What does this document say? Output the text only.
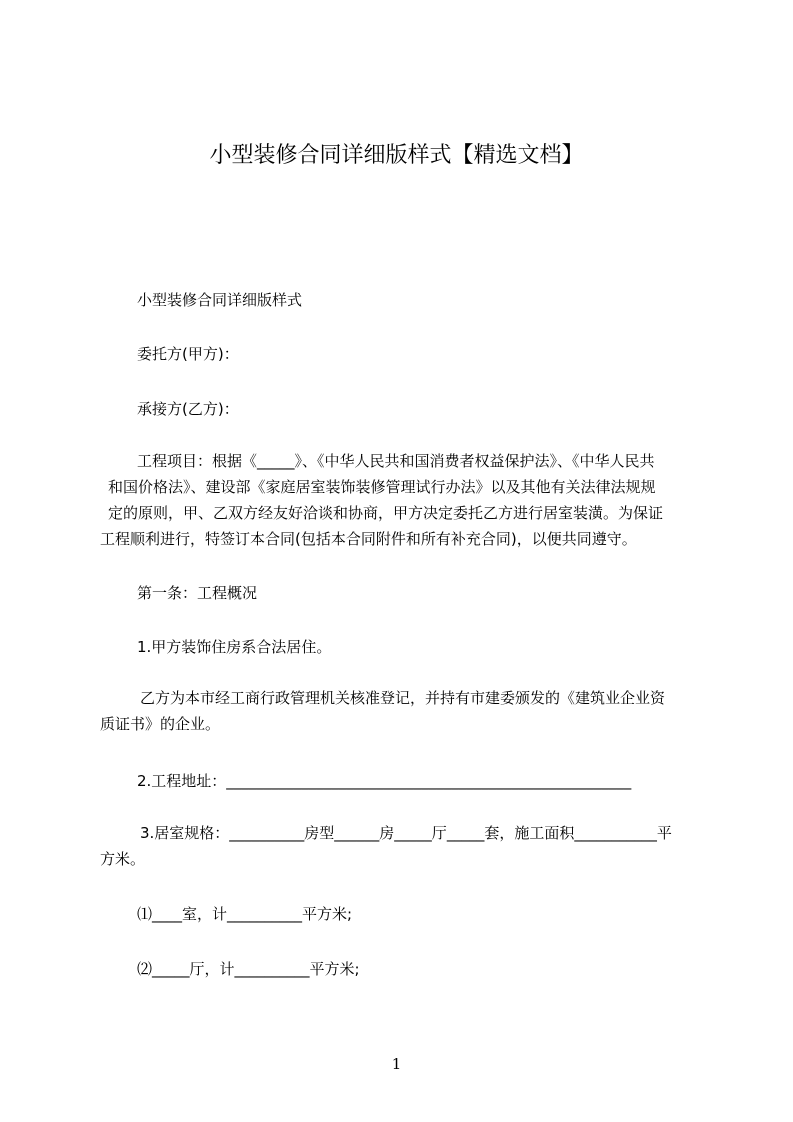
小型装修合同详细版样式【精选文档】

小型装修合同详细版样式

委托方(甲方)：

承接方(乙方)：

工程项目：根据《_____》、《中华人民共和国消费者权益保护法》、《中华人民共
和国价格法》、建设部《家庭居室装饰装修管理试行办法》以及其他有关法律法规规
定的原则，甲、乙双方经友好洽谈和协商，甲方决定委托乙方进行居室装潢。为保证
工程顺利进行，特签订本合同(包括本合同附件和所有补充合同)，以便共同遵守。

第一条：工程概况

1.甲方装饰住房系合法居住。

乙方为本市经工商行政管理机关核准登记，并持有市建委颁发的《建筑业企业资
质证书》的企业。

2.工程地址：______________________________________________________

3.居室规格：__________房型______房_____厅_____套，施工面积___________平
方米。

⑴____室，计__________平方米;

⑵_____厅，计__________平方米;

1
